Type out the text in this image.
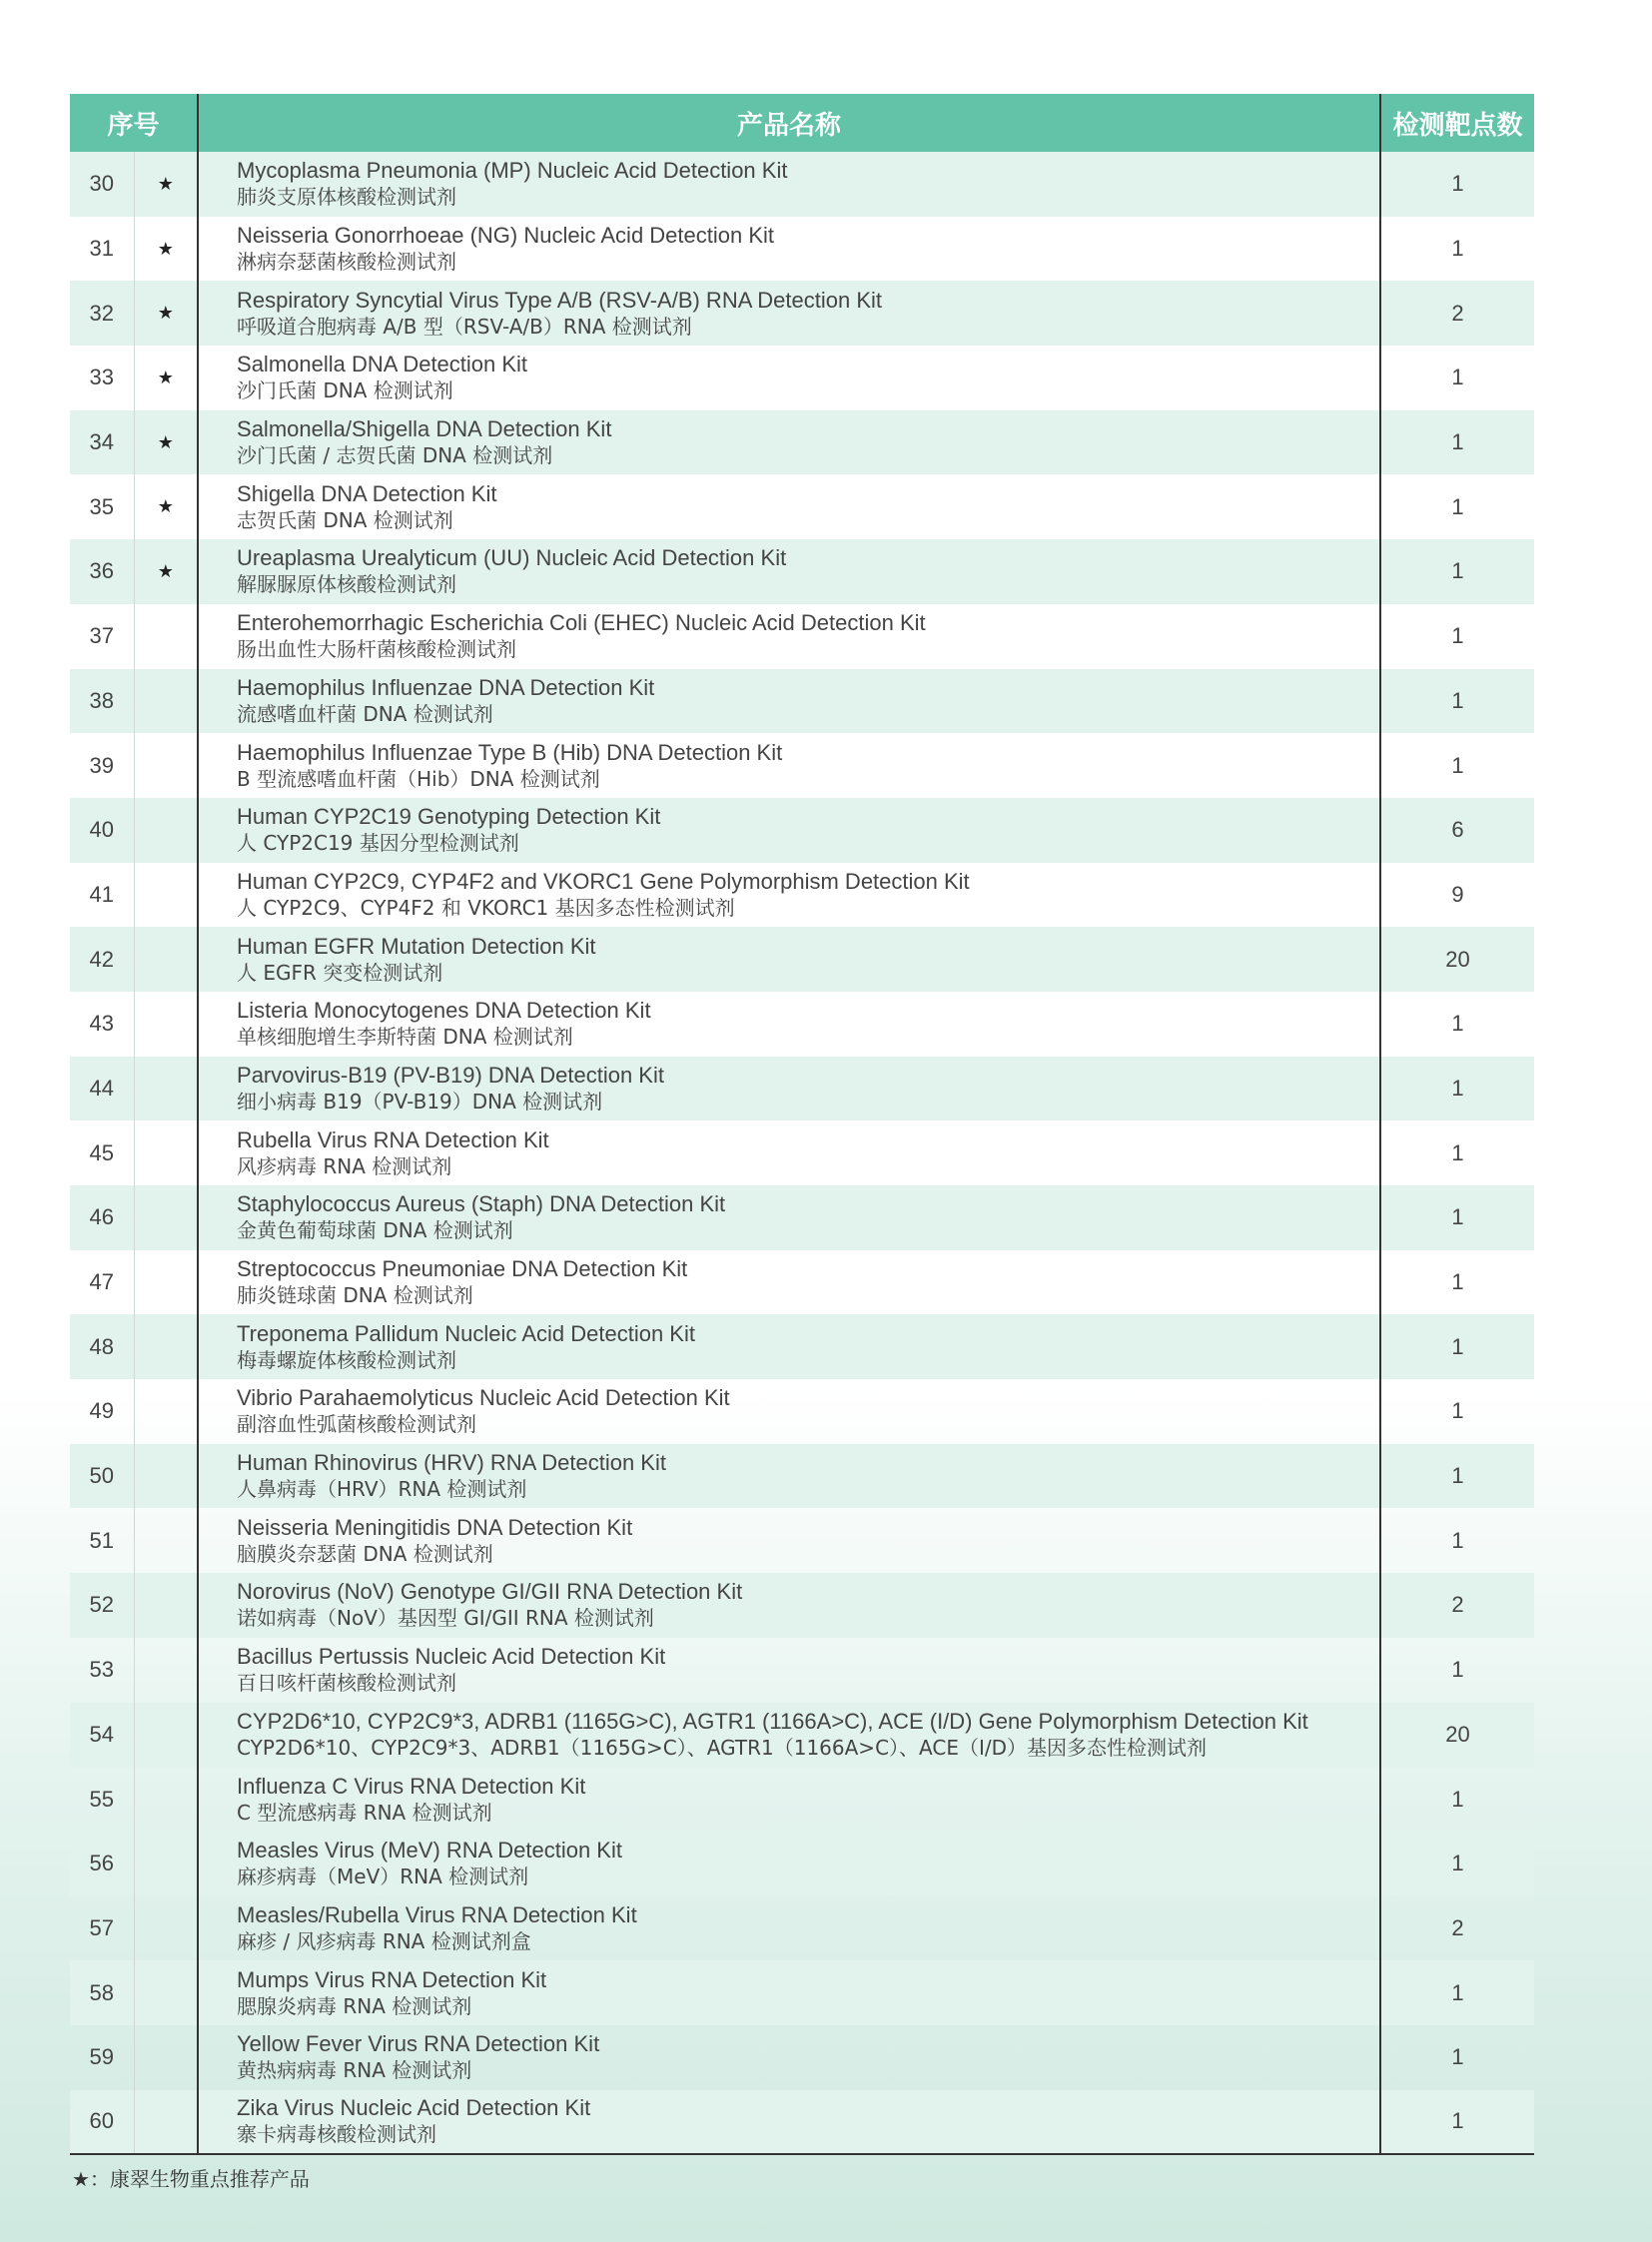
序号		产品名称	检测靶点数
30	★	Mycoplasma Pneumonia (MP) Nucleic Acid Detection Kit
肺炎支原体核酸检测试剂	1
31	★	Neisseria Gonorrhoeae (NG) Nucleic Acid Detection Kit
淋病奈瑟菌核酸检测试剂	1
32	★	Respiratory Syncytial Virus Type A/B (RSV-A/B) RNA Detection Kit
呼吸道合胞病毒 A/B 型（RSV-A/B）RNA 检测试剂	2
33	★	Salmonella DNA Detection Kit
沙门氏菌 DNA 检测试剂	1
34	★	Salmonella/Shigella DNA Detection Kit
沙门氏菌 / 志贺氏菌 DNA 检测试剂	1
35	★	Shigella DNA Detection Kit
志贺氏菌 DNA 检测试剂	1
36	★	Ureaplasma Urealyticum (UU) Nucleic Acid Detection Kit
解脲脲原体核酸检测试剂	1
37		Enterohemorrhagic Escherichia Coli (EHEC) Nucleic Acid Detection Kit
肠出血性大肠杆菌核酸检测试剂	1
38		Haemophilus Influenzae DNA Detection Kit
流感嗜血杆菌 DNA 检测试剂	1
39		Haemophilus Influenzae Type B (Hib) DNA Detection Kit
B 型流感嗜血杆菌（Hib）DNA 检测试剂	1
40		Human CYP2C19 Genotyping Detection Kit
人 CYP2C19 基因分型检测试剂	6
41		Human CYP2C9, CYP4F2 and VKORC1 Gene Polymorphism Detection Kit
人 CYP2C9、CYP4F2 和 VKORC1 基因多态性检测试剂	9
42		Human EGFR Mutation Detection Kit
人 EGFR 突变检测试剂	20
43		Listeria Monocytogenes DNA Detection Kit
单核细胞增生李斯特菌 DNA 检测试剂	1
44		Parvovirus-B19 (PV-B19) DNA Detection Kit
细小病毒 B19（PV-B19）DNA 检测试剂	1
45		Rubella Virus RNA Detection Kit
风疹病毒 RNA 检测试剂	1
46		Staphylococcus Aureus (Staph) DNA Detection Kit
金黄色葡萄球菌 DNA 检测试剂	1
47		Streptococcus Pneumoniae DNA Detection Kit
肺炎链球菌 DNA 检测试剂	1
48		Treponema Pallidum Nucleic Acid Detection Kit
梅毒螺旋体核酸检测试剂	1
49		Vibrio Parahaemolyticus Nucleic Acid Detection Kit
副溶血性弧菌核酸检测试剂	1
50		Human Rhinovirus (HRV) RNA Detection Kit
人鼻病毒（HRV）RNA 检测试剂	1
51		Neisseria Meningitidis DNA Detection Kit
脑膜炎奈瑟菌 DNA 检测试剂	1
52		Norovirus (NoV) Genotype GI/GII RNA Detection Kit
诺如病毒（NoV）基因型 GI/GII RNA 检测试剂	2
53		Bacillus Pertussis Nucleic Acid Detection Kit
百日咳杆菌核酸检测试剂	1
54		CYP2D6*10, CYP2C9*3, ADRB1 (1165G>C), AGTR1 (1166A>C), ACE (I/D) Gene Polymorphism Detection Kit
CYP2D6*10、CYP2C9*3、ADRB1（1165G>C）、AGTR1（1166A>C）、ACE（I/D）基因多态性检测试剂	20
55		Influenza C Virus RNA Detection Kit
C 型流感病毒 RNA 检测试剂	1
56		Measles Virus (MeV) RNA Detection Kit
麻疹病毒（MeV）RNA 检测试剂	1
57		Measles/Rubella Virus RNA Detection Kit
麻疹 / 风疹病毒 RNA 检测试剂盒	2
58		Mumps Virus RNA Detection Kit
腮腺炎病毒 RNA 检测试剂	1
59		Yellow Fever Virus RNA Detection Kit
黄热病病毒 RNA 检测试剂	1
60		Zika Virus Nucleic Acid Detection Kit
寨卡病毒核酸检测试剂	1
★：康翠生物重点推荐产品
